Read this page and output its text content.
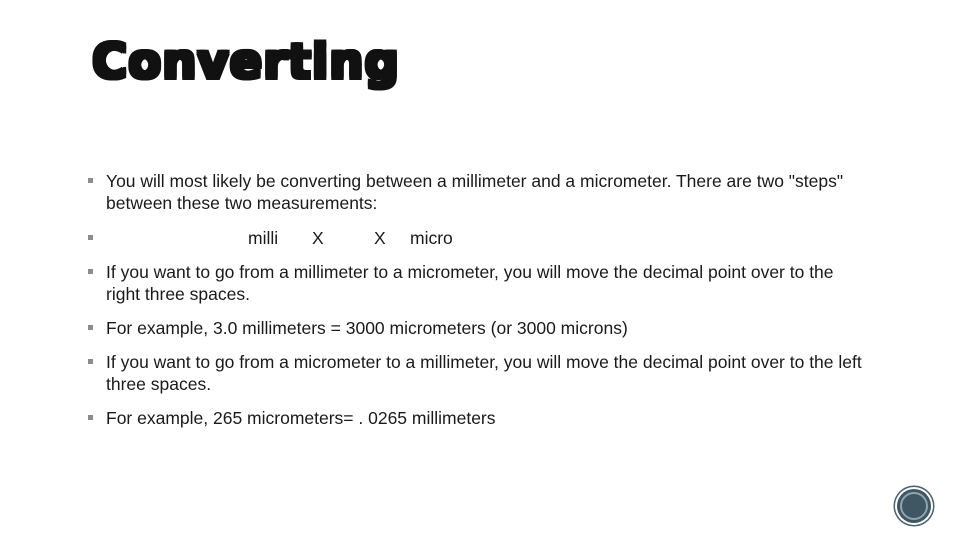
Converting
You will most likely be converting between a millimeter and a micrometer. There are two "steps" between these two measurements:
milli X	X micro
If you want to go from a millimeter to a micrometer, you will move the decimal point over to the right three spaces.
For example, 3.0 millimeters = 3000 micrometers (or 3000 microns)
If you want to go from a micrometer to a millimeter, you will move the decimal point over to the left three spaces.
For example, 265 micrometers= . 0265 millimeters
